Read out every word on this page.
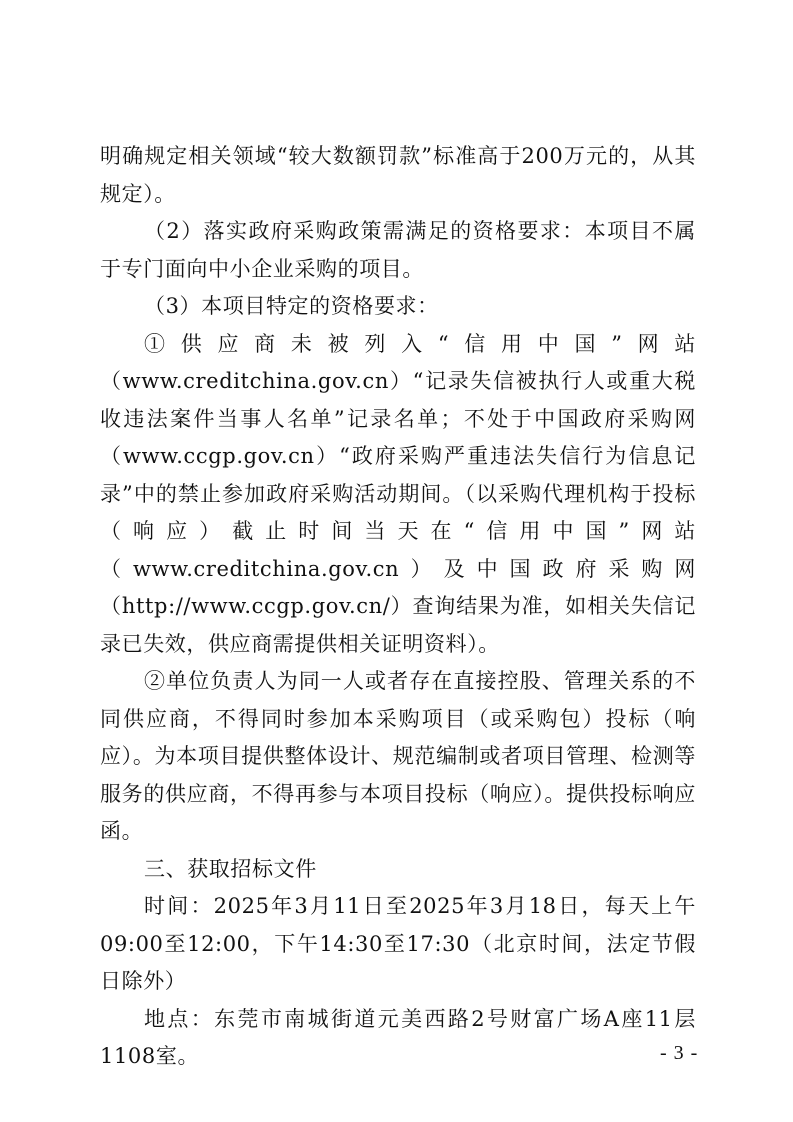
明确规定相关领域“较大数额罚款”标准高于200万元的，从其规定）。

（2）落实政府采购政策需满足的资格要求：本项目不属于专门面向中小企业采购的项目。

（3）本项目特定的资格要求：

①供应商未被列入“信用中国”网站

（www.creditchina.gov.cn）“记录失信被执行人或重大税收违法案件当事人名单”记录名单；不处于中国政府采购网（www.ccgp.gov.cn）“政府采购严重违法失信行为信息记录”中的禁止参加政府采购活动期间。（以采购代理机构于投标（响应）截止时间当天在“信用中国”网站（www.creditchina.gov.cn）及中国政府采购网（http://www.ccgp.gov.cn/）查询结果为准，如相关失信记录已失效，供应商需提供相关证明资料）。

②单位负责人为同一人或者存在直接控股、管理关系的不同供应商，不得同时参加本采购项目（或采购包）投标（响应）。为本项目提供整体设计、规范编制或者项目管理、检测等服务的供应商，不得再参与本项目投标（响应）。提供投标响应函。

三、获取招标文件

时间：2025年3月11日至2025年3月18日，每天上午09:00至12:00，下午14:30至17:30（北京时间，法定节假日除外）

地点：东莞市南城街道元美西路2号财富广场A座11层1108室。	- 3 -
